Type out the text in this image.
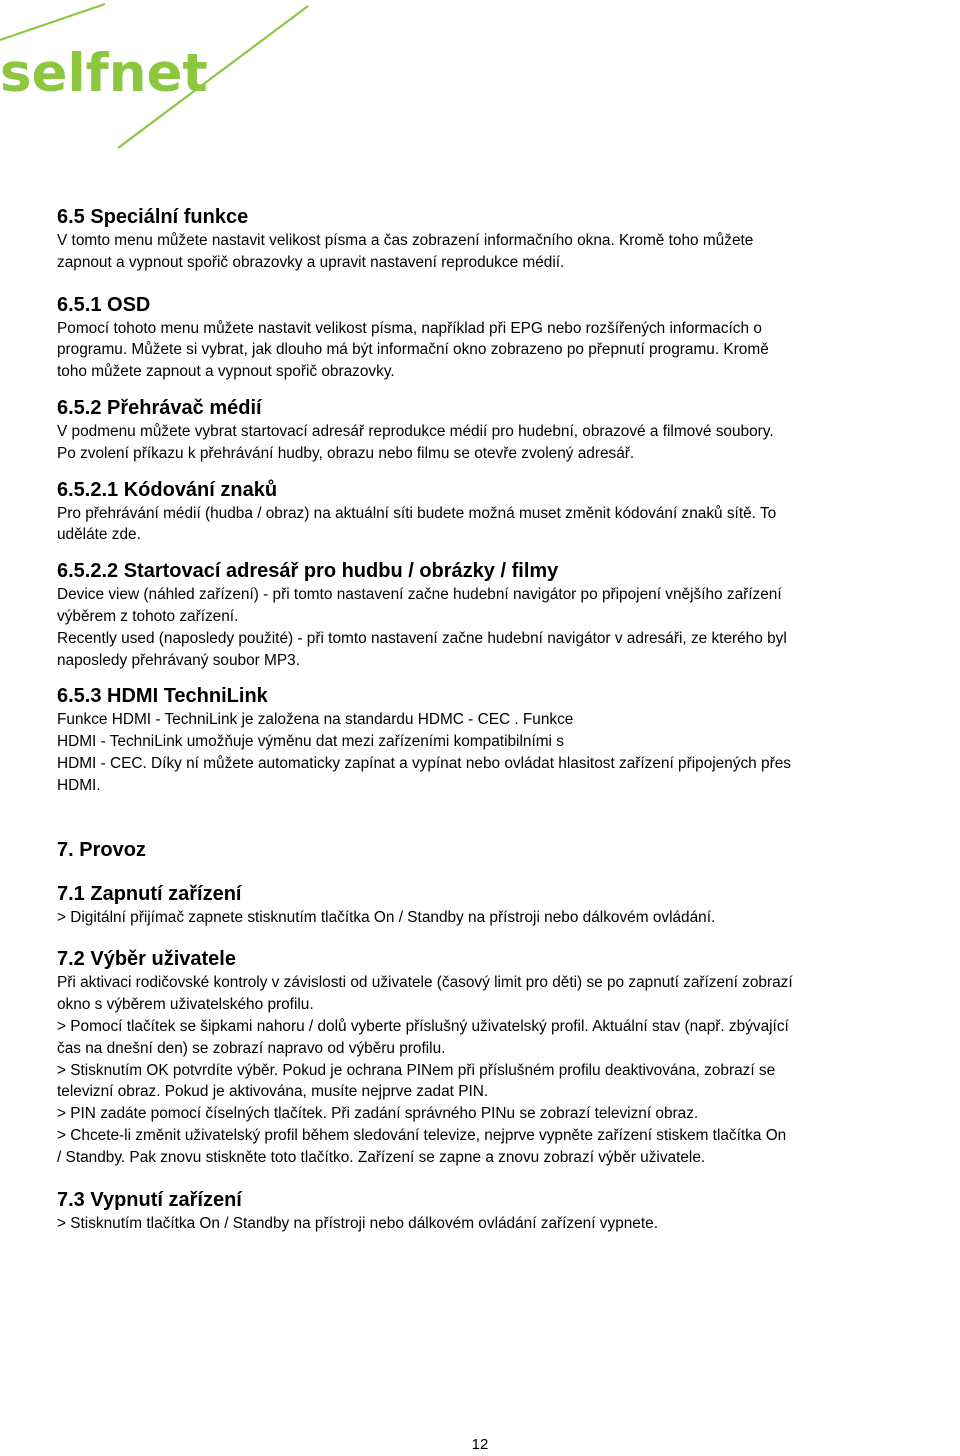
selfnet
6.5 Speciální funkce
V tomto menu můžete nastavit velikost písma a čas zobrazení informačního okna. Kromě toho můžete
zapnout a vypnout spořič obrazovky a upravit nastavení reprodukce médií.
6.5.1 OSD
Pomocí tohoto menu můžete nastavit velikost písma, například při EPG nebo rozšířených informacích o
programu. Můžete si vybrat, jak dlouho má být informační okno zobrazeno po přepnutí programu. Kromě
toho můžete zapnout a vypnout spořič obrazovky.
6.5.2 Přehrávač médií
V podmenu můžete vybrat startovací adresář reprodukce médií pro hudební, obrazové a filmové soubory.
Po zvolení příkazu k přehrávání hudby, obrazu nebo filmu se otevře zvolený adresář.
6.5.2.1 Kódování znaků
Pro přehrávání médií (hudba / obraz) na aktuální síti budete možná muset změnit kódování znaků sítě. To
uděláte zde.
6.5.2.2 Startovací adresář pro hudbu / obrázky / filmy
Device view (náhled zařízení) - při tomto nastavení začne hudební navigátor po připojení vnějšího zařízení
výběrem z tohoto zařízení.
Recently used (naposledy použité) - při tomto nastavení začne hudební navigátor v adresáři, ze kterého byl
naposledy přehrávaný soubor MP3.
6.5.3 HDMI TechniLink
Funkce HDMI - TechniLink je založena na standardu HDMC - CEC . Funkce
HDMI - TechniLink umožňuje výměnu dat mezi zařízeními kompatibilními s
HDMI - CEC. Díky ní můžete automaticky zapínat a vypínat nebo ovládat hlasitost zařízení připojených přes
HDMI.
7. Provoz
7.1 Zapnutí zařízení
> Digitální přijímač zapnete stisknutím tlačítka On / Standby na přístroji nebo dálkovém ovládání.
7.2 Výběr uživatele
Při aktivaci rodičovské kontroly v závislosti od uživatele (časový limit pro děti) se po zapnutí zařízení zobrazí
okno s výběrem uživatelského profilu.
> Pomocí tlačítek se šipkami nahoru / dolů vyberte příslušný uživatelský profil. Aktuální stav (např. zbývající
čas na dnešní den) se zobrazí napravo od výběru profilu.
> Stisknutím OK potvrdíte výběr. Pokud je ochrana PINem při příslušném profilu deaktivována, zobrazí se
televizní obraz. Pokud je aktivována, musíte nejprve zadat PIN.
> PIN zadáte pomocí číselných tlačítek. Při zadání správného PINu se zobrazí televizní obraz.
> Chcete-li změnit uživatelský profil během sledování televize, nejprve vypněte zařízení stiskem tlačítka On
/ Standby. Pak znovu stiskněte toto tlačítko. Zařízení se zapne a znovu zobrazí výběr uživatele.
7.3 Vypnutí zařízení
> Stisknutím tlačítka On / Standby na přístroji nebo dálkovém ovládání zařízení vypnete.
12
